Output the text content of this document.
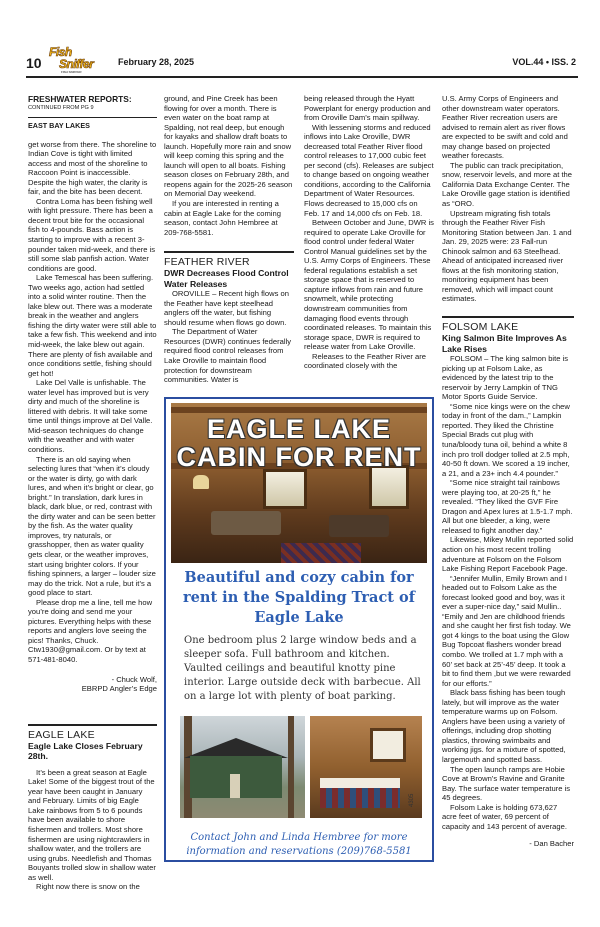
10
Fish
Sniffer
FISH SNIFFER
February 28, 2025	VOL.44 • ISS. 2
FRESHWATER REPORTS:
CONTINUED FROM PG 9
EAST BAY LAKES

get worse from there. The shoreline to Indian Cove is tight with limited access and most of the shoreline to Raccoon Point is inaccessible. Despite the high water, the clarity is fair, and the bite has been decent.

Contra Loma has been fishing well with light pressure. There has been a decent trout bite for the occasional fish to 4-pounds. Bass action is starting to improve with a recent 3-pounder taken mid-week, and there is still some slab panfish action. Water conditions are good.

Lake Temescal has been suffering. Two weeks ago, action had settled into a solid winter routine. Then the lake blew out. There was a moderate break in the weather and anglers fishing the dirty water were still able to take a few fish. This weekend and into mid-week, the lake blew out again. There are plenty of fish available and once conditions settle, fishing should get hot!

Lake Del Valle is unfishable. The water level has improved but is very dirty and much of the shoreline is littered with debris. It will take some time until things improve at Del Valle. Mid-season techniques do change with the weather and with water conditions.

There is an old saying when selecting lures that “when it’s cloudy or the water is dirty, go with dark lures, and when it’s bright or clear, go bright.” In translation, dark lures in black, dark blue, or red, contrast with the dirty water and can be seen better by the fish. As the water quality improves, try naturals, or grasshopper, then as water quality gets clear, or the weather improves, start using brighter colors. If your fishing spinners, a larger – louder size may do the trick. Not a rule, but it’s a good place to start.

Please drop me a line, tell me how you’re doing and send me your pictures. Everything helps with these reports and anglers love seeing the pics! Thanks, Chuck. Ctw1930@gmail.com. Or by text at 571-481-8040.

- Chuck Wolf,

EBRPD Angler’s Edge

EAGLE LAKE
Eagle Lake Closes February 28th.

It’s been a great season at Eagle Lake! Some of the biggest trout of the year have been caught in January and February. Limits of big Eagle Lake rainbows from 5 to 6 pounds have been available to shore fishermen and trollers. Most shore fishermen are using nightcrawlers in shallow water, and the trollers are using grubs. Needlefish and Thomas Bouyants trolled slow in shallow water as well.

Right now there is snow on the

ground, and Pine Creek has been flowing for over a month. There is even water on the boat ramp at Spalding, not real deep, but enough for kayaks and shallow draft boats to launch. Hopefully more rain and snow will keep coming this spring and the launch will open to all boats. Fishing season closes on February 28th, and reopens again for the 2025-26 season on Memorial Day weekend.

If you are interested in renting a cabin at Eagle Lake for the coming season, contact John Hembree at 209-768-5581.

FEATHER RIVER
DWR Decreases Flood Control Water Releases

OROVILLE – Recent high flows on the Feather have kept steelhead anglers off the water, but fishing should resume when flows go down.

The Department of Water Resources (DWR) continues federally required flood control releases from Lake Oroville to maintain flood protection for downstream communities. Water is

being released through the Hyatt Powerplant for energy production and from Oroville Dam’s main spillway.

With lessening storms and reduced inflows into Lake Oroville, DWR decreased total Feather River flood control releases to 17,000 cubic feet per second (cfs). Releases are subject to change based on ongoing weather conditions, according to the California Department of Water Resources. Flows decreased to 15,000 cfs on Feb. 17 and 14,000 cfs on Feb. 18.

Between October and June, DWR is required to operate Lake Oroville for flood control under federal Water Control Manual guidelines set by the U.S. Army Corps of Engineers. These federal regulations establish a set storage space that is reserved to capture inflows from rain and future snowmelt, while protecting downstream communities from damaging flood events through coordinated releases. To maintain this storage space, DWR is required to release water from Lake Oroville.

Releases to the Feather River are coordinated closely with the

U.S. Army Corps of Engineers and other downstream water operators. Feather River recreation users are advised to remain alert as river flows are expected to be swift and cold and may change based on projected weather forecasts.

The public can track precipitation, snow, reservoir levels, and more at the California Data Exchange Center. The Lake Oroville gage station is identified as “ORO.

Upstream migrating fish totals through the Feather River Fish Monitoring Station between Jan. 1 and Jan. 29, 2025 were: 23 Fall-run Chinook salmon and 63 Steelhead. Ahead of anticipated increased river flows at the fish monitoring station, monitoring equipment has been removed, which will impact count estimates.

FOLSOM LAKE
King Salmon Bite Improves As Lake Rises

FOLSOM – The king salmon bite is picking up at Folsom Lake, as evidenced by the latest trip to the reservoir by Jerry Lampkin of TNG Motor Sports Guide Service.

“Some nice kings were on the chew today in front of the dam.,” Lampkin reported. They liked the Christine Special Brads cut plug with tuna/bloody tuna oil, behind a white 8 inch pro troll dodger tolled at 2.5 mph, 40-50 ft down. We scored a 19 incher, a 21, and a 23+ inch 4.4 pounder.”

“Some nice straight tail rainbows were playing too, at 20-25 ft,” he revealed. “They liked the GVF Fire Dragon and Apex lures at 1.5-1.7 mph. All but one bleeder, a king, were released to fight another day.”

Likewise, Mikey Mullin reported solid action on his most recent trolling adventure at Folsom on the Folsom Lake Fishing Report Facebook Page.

“Jennifer Mullin, Emily Brown and I headed out to Folsom Lake as the forecast looked good and boy, was it ever a super-nice day,” said Mullin.. “Emily and Jen are childhood friends and she caught her first fish today. We got 4 kings to the boat using the Glow Bug Topcoat flashers wonder bread combo. We trolled at 1.7 mph with a 60’ set back at 25’-45’ deep. It took a bit to find them ,but we were rewarded for our efforts.”

Black bass fishing has been tough lately, but will improve as the water temperature warms up on Folsom. Anglers have been using a variety of offerings, including drop shotting plastics, throwing swimbaits and working jigs. for a mixture of spotted, largemouth and spotted bass.

The open launch ramps are Hobie Cove at Brown’s Ravine and Granite Bay. The surface water temperature is 45 degrees.

Folsom Lake is holding 673,627 acre feet of water, 69 percent of capacity and 143 percent of average.

- Dan Bacher

EAGLE LAKE
CABIN FOR RENT
Beautiful and cozy cabin for rent in the Spalding Tract of Eagle Lake
One bedroom plus 2 large window beds and a sleeper sofa. Full bathroom and kitchen. Vaulted ceilings and beautiful knotty pine interior. Large outside deck with barbecue. All on a large lot with plenty of boat parking.
4305
Contact John and Linda Hembree for more information and reservations (209)768-5581
